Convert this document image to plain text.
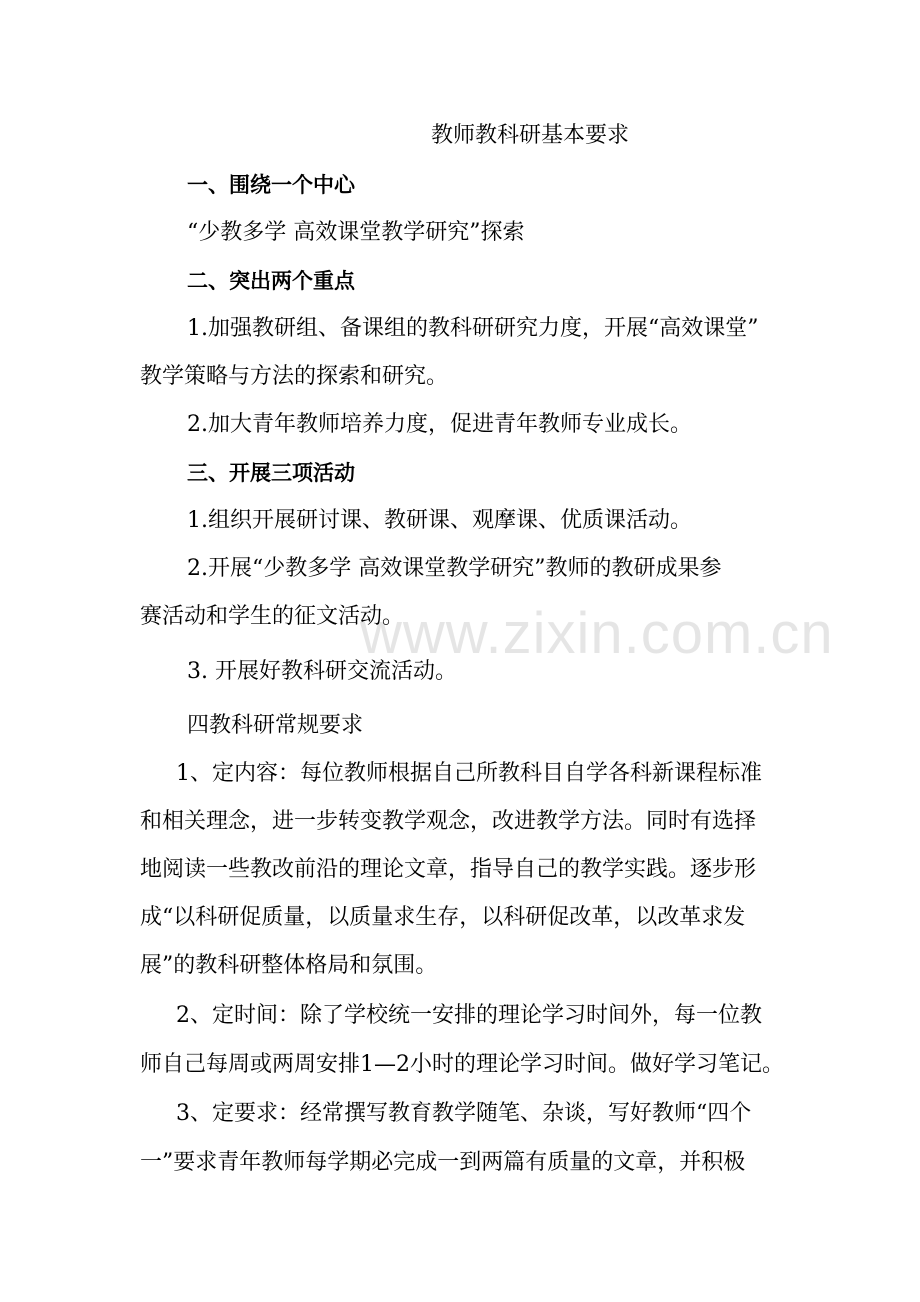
www.zixin.com.cn

教师教科研基本要求

一、围绕一个中心

“少教多学 高效课堂教学研究”探索

二、突出两个重点

1.加强教研组、备课组的教科研研究力度，开展“高效课堂”

教学策略与方法的探索和研究。

2.加大青年教师培养力度，促进青年教师专业成长。

三、开展三项活动

1.组织开展研讨课、教研课、观摩课、优质课活动。

2.开展“少教多学 高效课堂教学研究”教师的教研成果参

赛活动和学生的征文活动。

3. 开展好教科研交流活动。

四教科研常规要求

1、定内容：每位教师根据自己所教科目自学各科新课程标准

和相关理念，进一步转变教学观念，改进教学方法。同时有选择

地阅读一些教改前沿的理论文章，指导自己的教学实践。逐步形

成“以科研促质量，以质量求生存，以科研促改革，以改革求发

展”的教科研整体格局和氛围。

2、定时间：除了学校统一安排的理论学习时间外，每一位教

师自己每周或两周安排1—2小时的理论学习时间。做好学习笔记。

3、定要求：经常撰写教育教学随笔、杂谈，写好教师“四个

一”要求青年教师每学期必完成一到两篇有质量的文章，并积极
